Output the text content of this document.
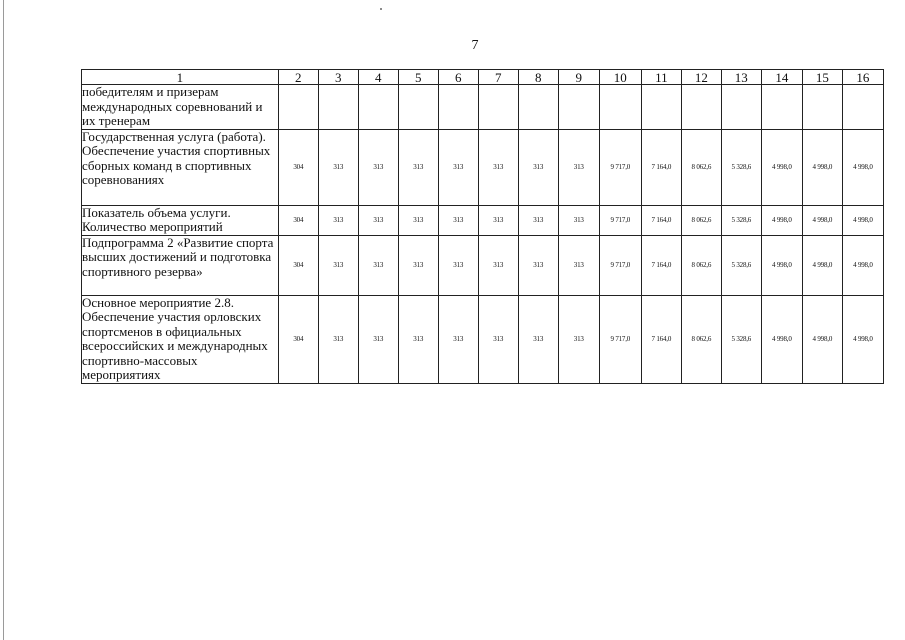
7
1	2	3	4	5	6	7	8	9	10	11	12	13	14	15	16
победителям и призерам международных соревнований и их тренерам															
Государственная услуга (работа). Обеспечение участия спортивных сборных команд в спортивных соревнованиях	304	313	313	313	313	313	313	313	9 717,0	7 164,0	8 062,6	5 328,6	4 998,0	4 998,0	4 998,0
Показатель объема услуги. Количество мероприятий	304	313	313	313	313	313	313	313	9 717,0	7 164,0	8 062,6	5 328,6	4 998,0	4 998,0	4 998,0
Подпрограмма 2 «Развитие спорта высших достижений и подготовка спортивного резерва»	304	313	313	313	313	313	313	313	9 717,0	7 164,0	8 062,6	5 328,6	4 998,0	4 998,0	4 998,0
Основное мероприятие 2.8. Обеспечение участия орловских спортсменов в официальных всероссийских и международных спортивно-массовых мероприятиях	304	313	313	313	313	313	313	313	9 717,0	7 164,0	8 062,6	5 328,6	4 998,0	4 998,0	4 998,0
